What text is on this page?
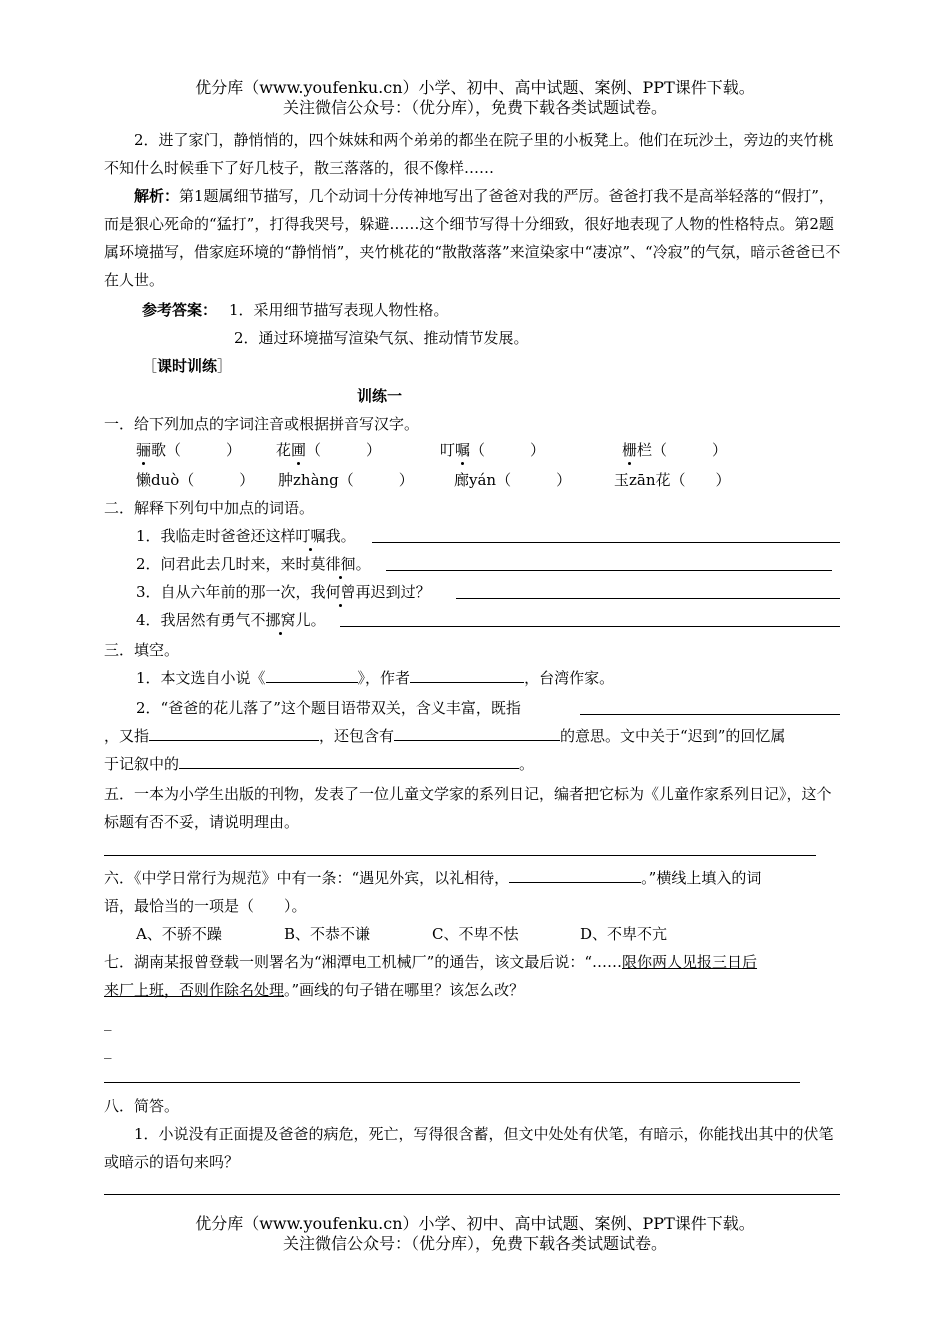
优分库（www.youfenku.cn）小学、初中、高中试题、案例、PPT课件下载。
关注微信公众号：（优分库），免费下载各类试题试卷。
2．进了家门，静悄悄的，四个妹妹和两个弟弟的都坐在院子里的小板凳上。他们在玩沙土，旁边的夹竹桃不知什么时候垂下了好几枝子，散三落落的，很不像样……
解析：第1题属细节描写，几个动词十分传神地写出了爸爸对我的严厉。爸爸打我不是高举轻落的“假打”，而是狠心死命的“猛打”，打得我哭号，躲避……这个细节写得十分细致，很好地表现了人物的性格特点。第2题属环境描写，借家庭环境的“静悄悄”，夹竹桃花的“散散落落”来渲染家中“凄凉”、“冷寂”的气氛，暗示爸爸已不在人世。
参考答案： 1．采用细节描写表现人物性格。
2．通过环境描写渲染气氛、推动情节发展。
［课时训练］
训练一
一．给下列加点的字词注音或根据拼音写汉字。
骊歌（　　　） 花圃（　　　）	叮嘱（　　　）	栅栏（　　　）
懒duò（　　　） 肿zhàng（　　　）	廊yán（　　　）	玉zān花（　　）
二．解释下列句中加点的词语。
1．我临走时爸爸还这样叮嘱我。
2．问君此去几时来，来时莫徘徊。
3．自从六年前的那一次，我何曾再迟到过？
4．我居然有勇气不挪窝儿。
三．填空。
1．本文选自小说《	》，作者	，台湾作家。
2．“爸爸的花儿落了”这个题目语带双关，含义丰富，既指
，又指	，还包含有	的意思。文中关于“迟到”的回忆属
于记叙中的	。
五．一本为小学生出版的刊物，发表了一位儿童文学家的系列日记，编者把它标为《儿童作家系列日记》，这个标题有否不妥，请说明理由。
六．《中学日常行为规范》中有一条：“遇见外宾，以礼相待，	。”横线上填入的词
语，最恰当的一项是（　　）。
A、不骄不躁	B、不恭不谦	C、不卑不怯	D、不卑不亢
七．湖南某报曾登载一则署名为“湘潭电工机械厂”的通告，该文最后说：“……限你两人见报三日后
来厂上班，否则作除名处理。”画线的句子错在哪里？该怎么改？
_
_
八．简答。
1．小说没有正面提及爸爸的病危，死亡，写得很含蓄，但文中处处有伏笔，有暗示，你能找出其中的伏笔或暗示的语句来吗？
优分库（www.youfenku.cn）小学、初中、高中试题、案例、PPT课件下载。
关注微信公众号：（优分库），免费下载各类试题试卷。
